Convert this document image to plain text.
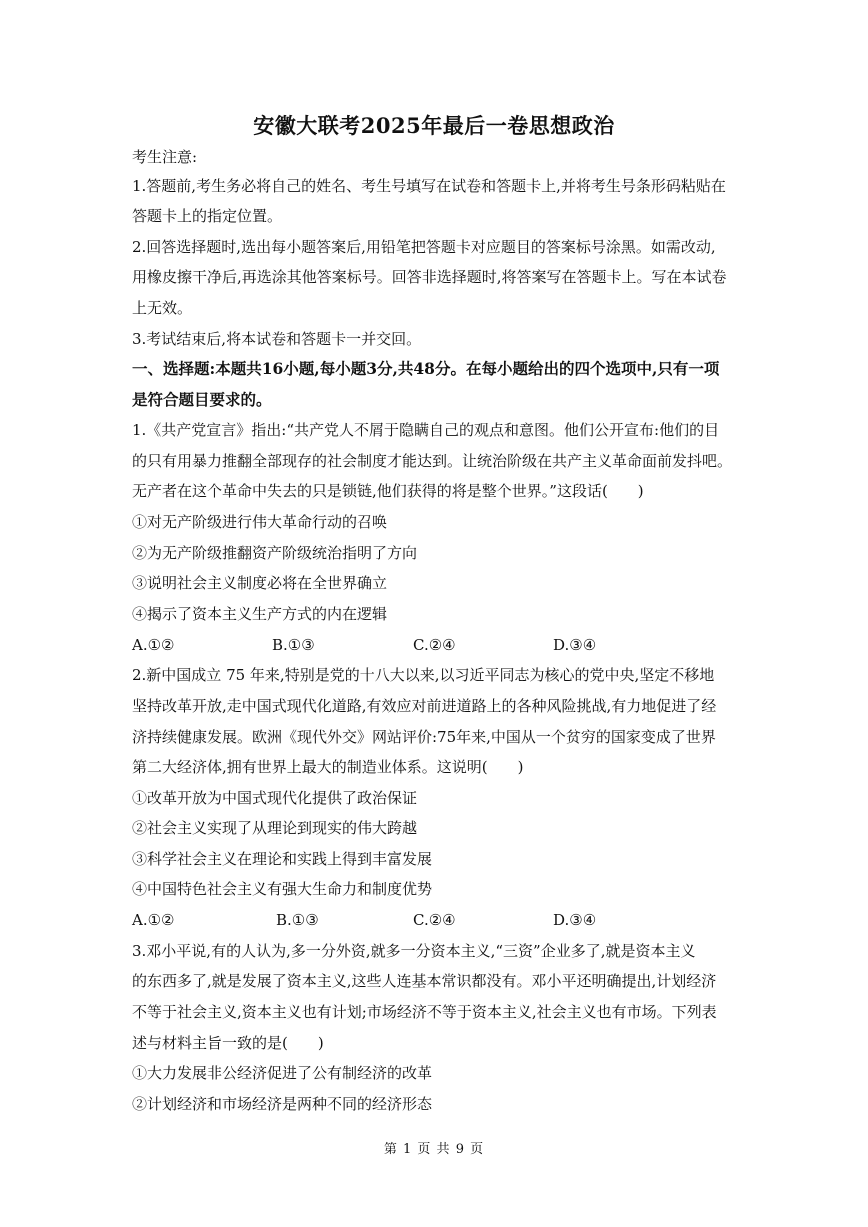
安徽大联考2025年最后一卷思想政治
考生注意:
1.答题前,考生务必将自己的姓名、考生号填写在试卷和答题卡上,并将考生号条形码粘贴在
答题卡上的指定位置。
2.回答选择题时,选出每小题答案后,用铅笔把答题卡对应题目的答案标号涂黑。如需改动,
用橡皮擦干净后,再选涂其他答案标号。回答非选择题时,将答案写在答题卡上。写在本试卷
上无效。
3.考试结束后,将本试卷和答题卡一并交回。
一、选择题:本题共16小题,每小题3分,共48分。在每小题给出的四个选项中,只有一项
是符合题目要求的。
1.《共产党宣言》指出:“共产党人不屑于隐瞒自己的观点和意图。他们公开宣布:他们的目
的只有用暴力推翻全部现存的社会制度才能达到。让统治阶级在共产主义革命面前发抖吧。
无产者在这个革命中失去的只是锁链,他们获得的将是整个世界。”这段话(　　)
①对无产阶级进行伟大革命行动的召唤
②为无产阶级推翻资产阶级统治指明了方向
③说明社会主义制度必将在全世界确立
④揭示了资本主义生产方式的内在逻辑
A.①②	B.①③	C.②④	D.③④
2.新中国成立 75 年来,特别是党的十八大以来,以习近平同志为核心的党中央,坚定不移地
坚持改革开放,走中国式现代化道路,有效应对前进道路上的各种风险挑战,有力地促进了经
济持续健康发展。欧洲《现代外交》网站评价:75年来,中国从一个贫穷的国家变成了世界
第二大经济体,拥有世界上最大的制造业体系。这说明(　　)
①改革开放为中国式现代化提供了政治保证
②社会主义实现了从理论到现实的伟大跨越
③科学社会主义在理论和实践上得到丰富发展
④中国特色社会主义有强大生命力和制度优势
A.①②	B.①③	C.②④	D.③④
3.邓小平说,有的人认为,多一分外资,就多一分资本主义,“三资”企业多了,就是资本主义
的东西多了,就是发展了资本主义,这些人连基本常识都没有。邓小平还明确提出,计划经济
不等于社会主义,资本主义也有计划;市场经济不等于资本主义,社会主义也有市场。下列表
述与材料主旨一致的是(　　)
①大力发展非公经济促进了公有制经济的改革
②计划经济和市场经济是两种不同的经济形态
第 1 页 共 9 页
